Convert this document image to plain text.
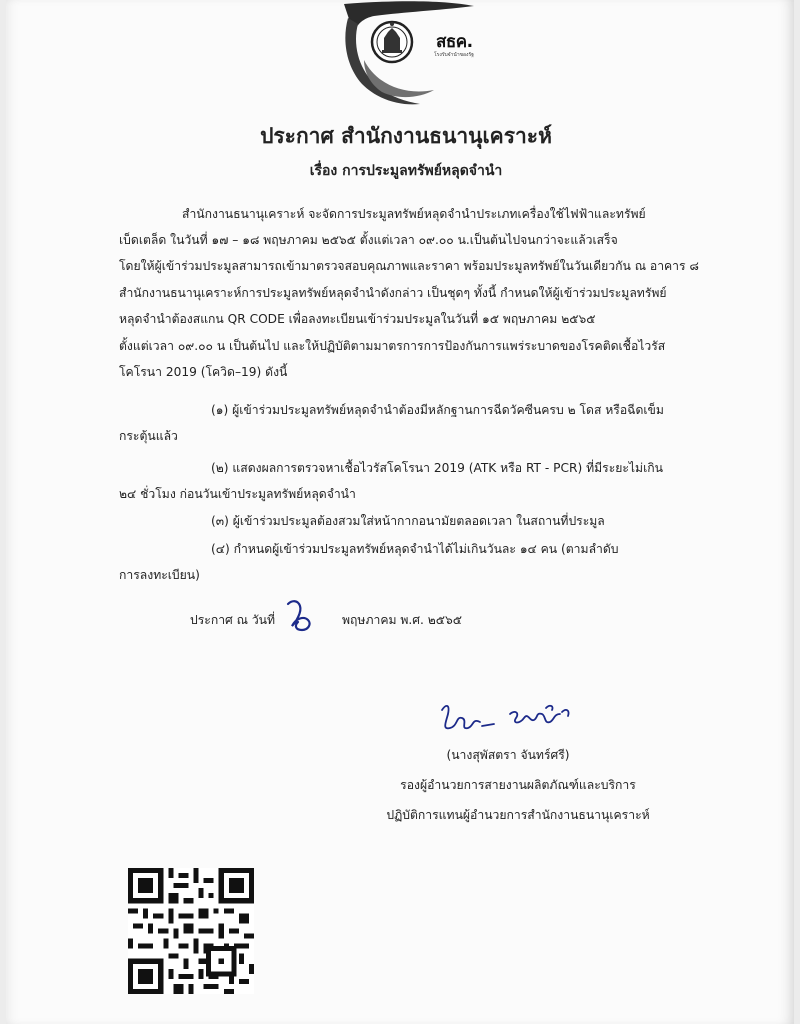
สธค.
โรงรับจำนำของรัฐ
ประกาศ สำนักงานธนานุเคราะห์
เรื่อง การประมูลทรัพย์หลุดจำนำ
สำนักงานธนานุเคราะห์ จะจัดการประมูลทรัพย์หลุดจำนำประเภทเครื่องใช้ไฟฟ้าและทรัพย์
เบ็ดเตล็ด ในวันที่ ๑๗ – ๑๘ พฤษภาคม ๒๕๖๕ ตั้งแต่เวลา ๐๙.๐๐ น.เป็นต้นไปจนกว่าจะแล้วเสร็จ
โดยให้ผู้เข้าร่วมประมูลสามารถเข้ามาตรวจสอบคุณภาพและราคา พร้อมประมูลทรัพย์ในวันเดียวกัน ณ อาคาร ๘
สำนักงานธนานุเคราะห์การประมูลทรัพย์หลุดจำนำดังกล่าว เป็นชุดๆ ทั้งนี้ กำหนดให้ผู้เข้าร่วมประมูลทรัพย์
หลุดจำนำต้องสแกน QR CODE เพื่อลงทะเบียนเข้าร่วมประมูลในวันที่ ๑๕ พฤษภาคม ๒๕๖๕
ตั้งแต่เวลา ๐๙.๐๐ น เป็นต้นไป และให้ปฏิบัติตามมาตรการการป้องกันการแพร่ระบาดของโรคติดเชื้อไวรัส
โคโรนา 2019 (โควิด–19) ดังนี้
(๑) ผู้เข้าร่วมประมูลทรัพย์หลุดจำนำต้องมีหลักฐานการฉีดวัคซีนครบ ๒ โดส หรือฉีดเข็ม
กระตุ้นแล้ว
(๒) แสดงผลการตรวจหาเชื้อไวรัสโคโรนา 2019 (ATK หรือ RT - PCR) ที่มีระยะไม่เกิน
๒๔ ชั่วโมง ก่อนวันเข้าประมูลทรัพย์หลุดจำนำ
(๓) ผู้เข้าร่วมประมูลต้องสวมใส่หน้ากากอนามัยตลอดเวลา ในสถานที่ประมูล
(๔) กำหนดผู้เข้าร่วมประมูลทรัพย์หลุดจำนำได้ไม่เกินวันละ ๑๔ คน (ตามลำดับ
การลงทะเบียน)
ประกาศ ณ วันที่	พฤษภาคม พ.ศ. ๒๕๖๕
(นางสุพัสตรา จันทร์ศรี)
รองผู้อำนวยการสายงานผลิตภัณฑ์และบริการ
ปฏิบัติการแทนผู้อำนวยการสำนักงานธนานุเคราะห์
